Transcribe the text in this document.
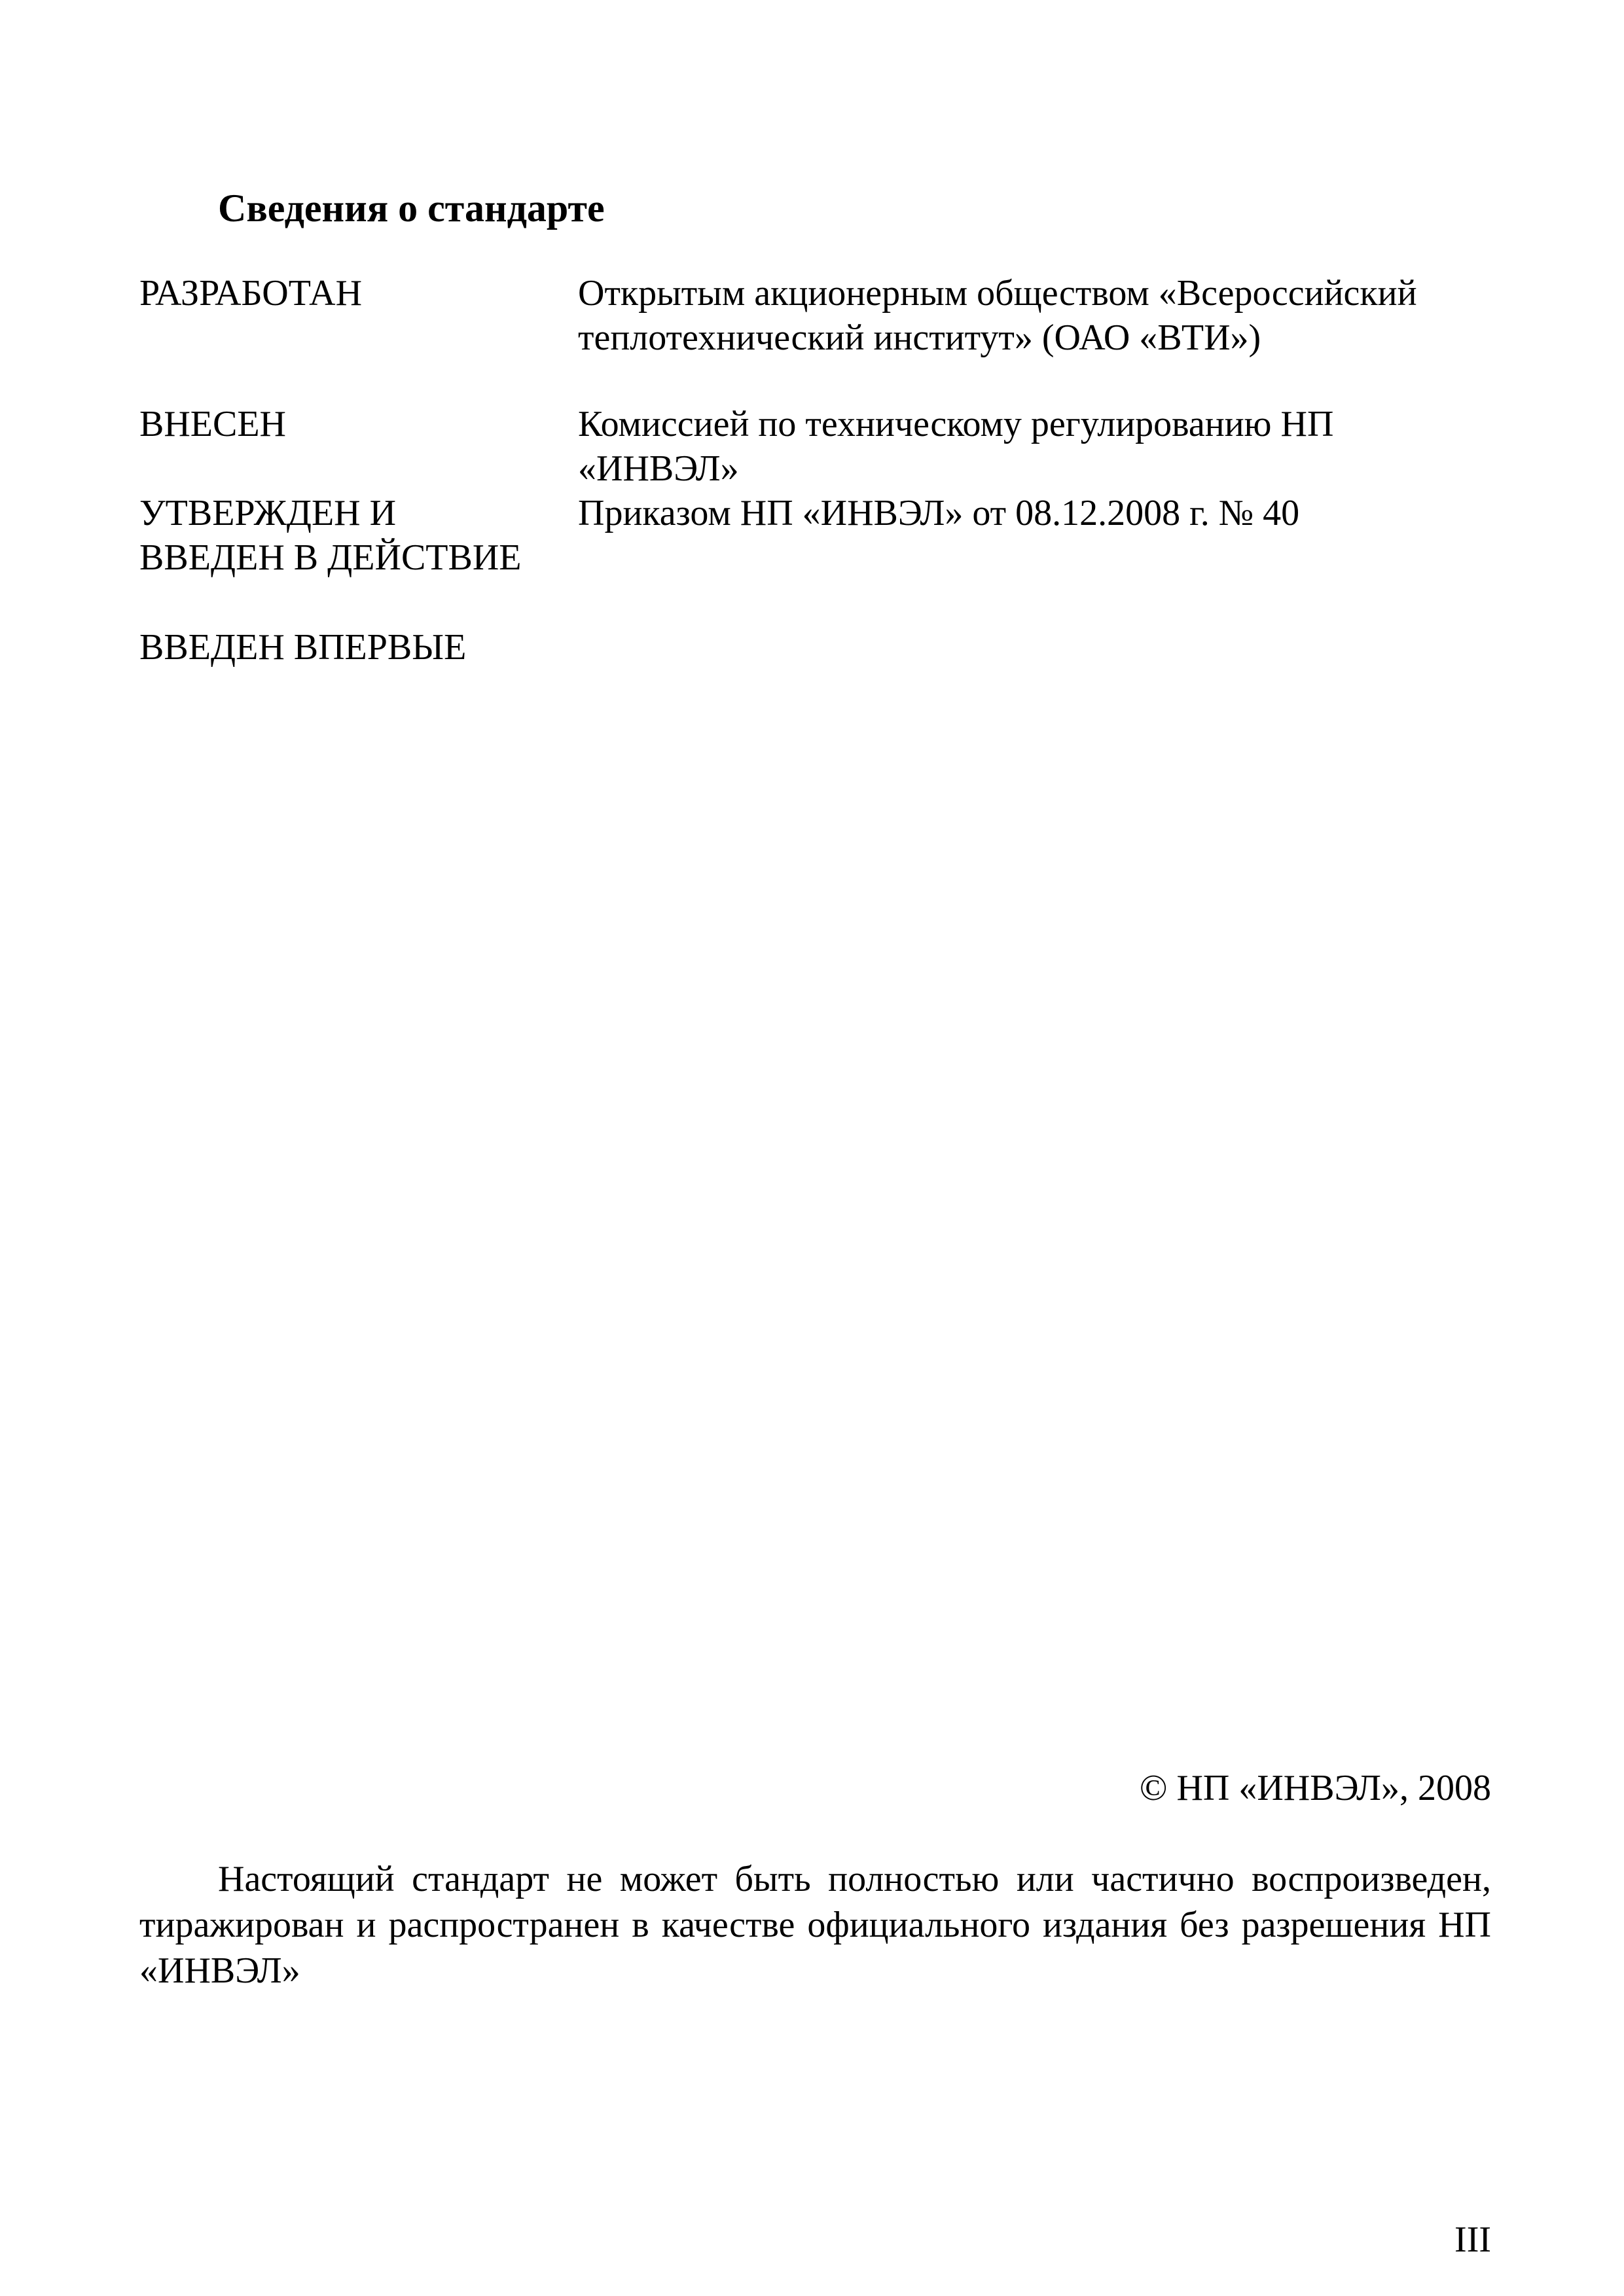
Сведения о стандарте
РАЗРАБОТАН	Открытым акционерным обществом «Всероссийский
теплотехнический институт» (ОАО «ВТИ»)
ВНЕСЕН	Комиссией по техническому регулированию НП
«ИНВЭЛ»
УТВЕРЖДЕН И
ВВЕДЕН В ДЕЙСТВИЕ
Приказом НП «ИНВЭЛ» от 08.12.2008 г. № 40
ВВЕДЕН ВПЕРВЫЕ
© НП «ИНВЭЛ», 2008
Настоящий стандарт не может быть полностью или частично воспроизведен, тиражирован и распространен в качестве официального издания без разрешения НП «ИНВЭЛ»
III
